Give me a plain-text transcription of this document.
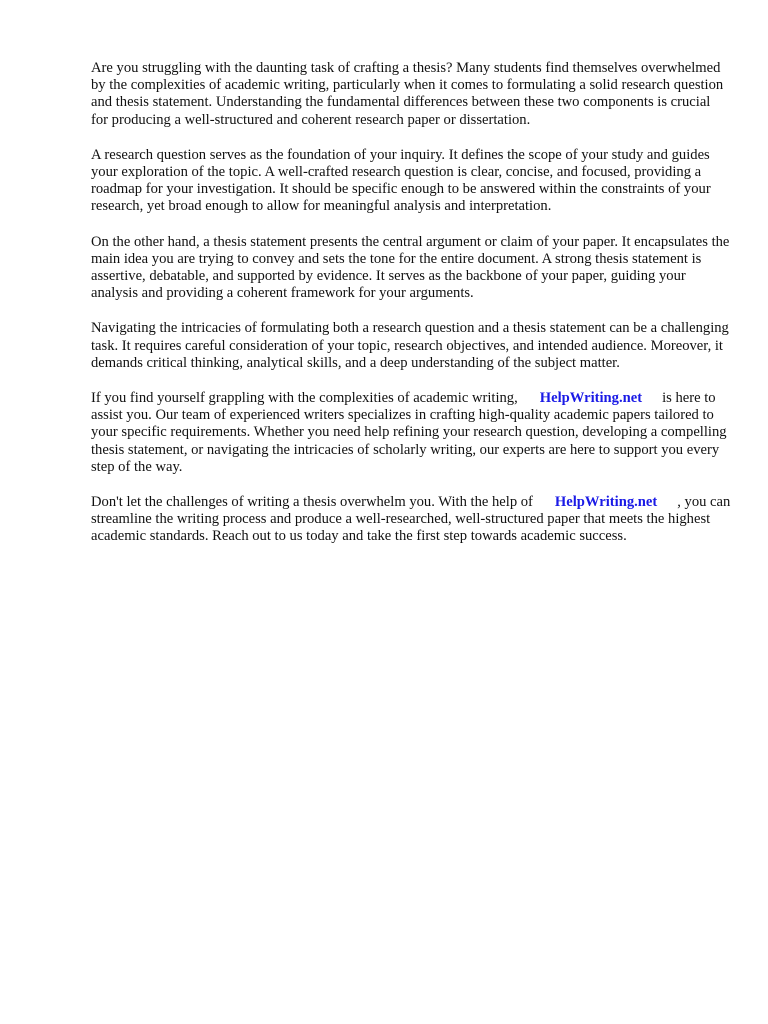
Are you struggling with the daunting task of crafting a thesis? Many students find themselves overwhelmed by the complexities of academic writing, particularly when it comes to formulating a solid research question and thesis statement. Understanding the fundamental differences between these two components is crucial for producing a well-structured and coherent research paper or dissertation.

A research question serves as the foundation of your inquiry. It defines the scope of your study and guides your exploration of the topic. A well-crafted research question is clear, concise, and focused, providing a roadmap for your investigation. It should be specific enough to be answered within the constraints of your research, yet broad enough to allow for meaningful analysis and interpretation.

On the other hand, a thesis statement presents the central argument or claim of your paper. It encapsulates the main idea you are trying to convey and sets the tone for the entire document. A strong thesis statement is assertive, debatable, and supported by evidence. It serves as the backbone of your paper, guiding your analysis and providing a coherent framework for your arguments.

Navigating the intricacies of formulating both a research question and a thesis statement can be a challenging task. It requires careful consideration of your topic, research objectives, and intended audience. Moreover, it demands critical thinking, analytical skills, and a deep understanding of the subject matter.

If you find yourself grappling with the complexities of academic writing, HelpWriting.net is here to assist you. Our team of experienced writers specializes in crafting high-quality academic papers tailored to your specific requirements. Whether you need help refining your research question, developing a compelling thesis statement, or navigating the intricacies of scholarly writing, our experts are here to support you every step of the way.

Don't let the challenges of writing a thesis overwhelm you. With the help of HelpWriting.net , you can streamline the writing process and produce a well-researched, well-structured paper that meets the highest academic standards. Reach out to us today and take the first step towards academic success.
